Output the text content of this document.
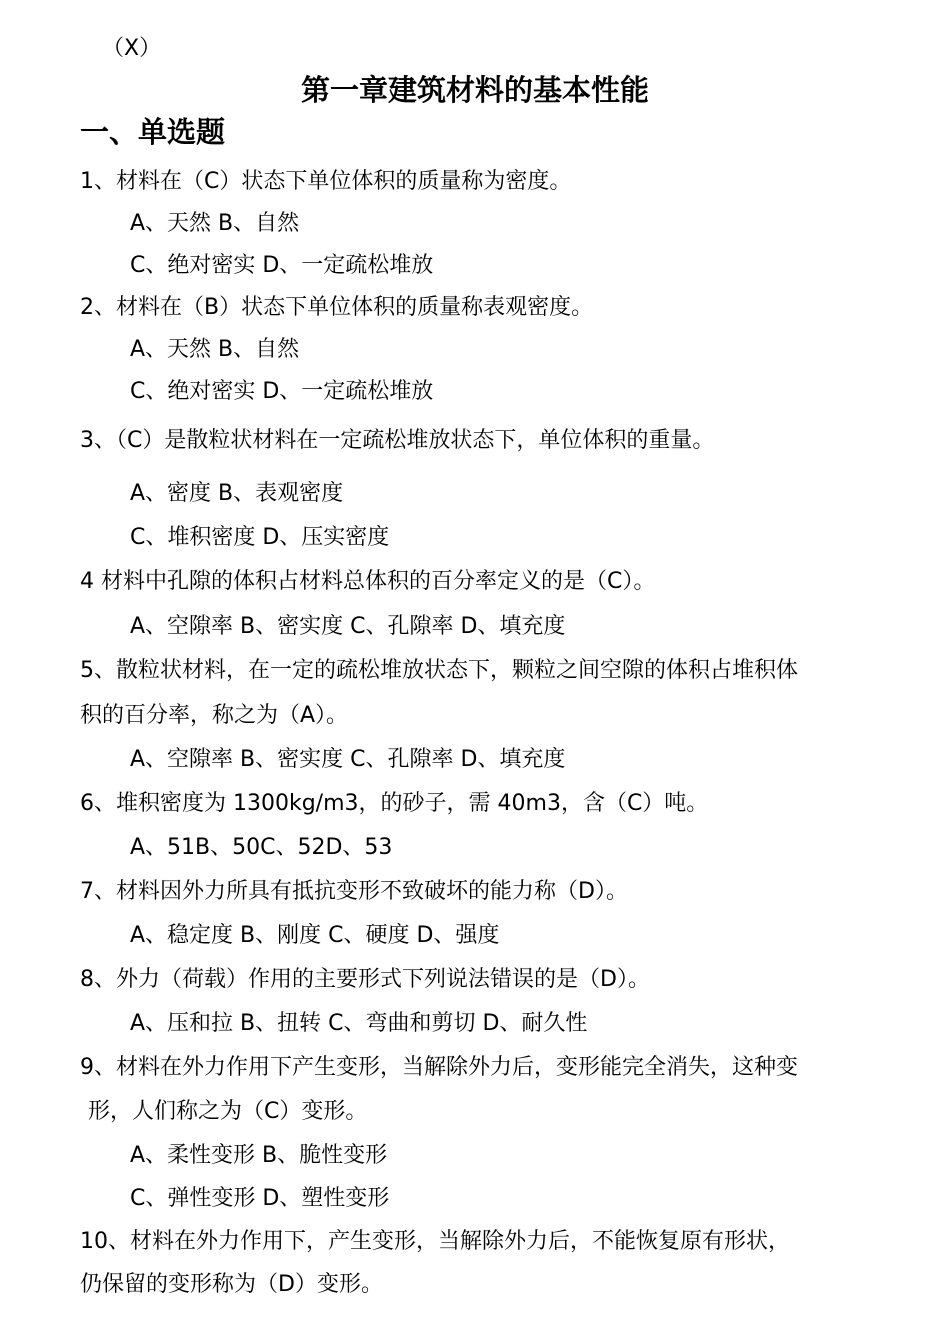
（X）
第一章建筑材料的基本性能
一、单选题
1、材料在（C）状态下单位体积的质量称为密度。
A、天然 B、自然
C、绝对密实 D、一定疏松堆放
2、材料在（B）状态下单位体积的质量称表观密度。
A、天然 B、自然
C、绝对密实 D、一定疏松堆放
3、（C）是散粒状材料在一定疏松堆放状态下，单位体积的重量。
A、密度 B、表观密度
C、堆积密度 D、压实密度
4 材料中孔隙的体积占材料总体积的百分率定义的是（C）。
A、空隙率 B、密实度 C、孔隙率 D、填充度
5、散粒状材料，在一定的疏松堆放状态下，颗粒之间空隙的体积占堆积体
积的百分率，称之为（A）。
A、空隙率 B、密实度 C、孔隙率 D、填充度
6、堆积密度为 1300kg/m3，的砂子，需 40m3，含（C）吨。
A、51B、50C、52D、53
7、材料因外力所具有抵抗变形不致破坏的能力称（D）。
A、稳定度 B、刚度 C、硬度 D、强度
8、外力（荷载）作用的主要形式下列说法错误的是（D）。
A、压和拉 B、扭转 C、弯曲和剪切 D、耐久性
9、材料在外力作用下产生变形，当解除外力后，变形能完全消失，这种变
形，人们称之为（C）变形。
A、柔性变形 B、脆性变形
C、弹性变形 D、塑性变形
10、材料在外力作用下，产生变形，当解除外力后，不能恢复原有形状，
仍保留的变形称为（D）变形。
